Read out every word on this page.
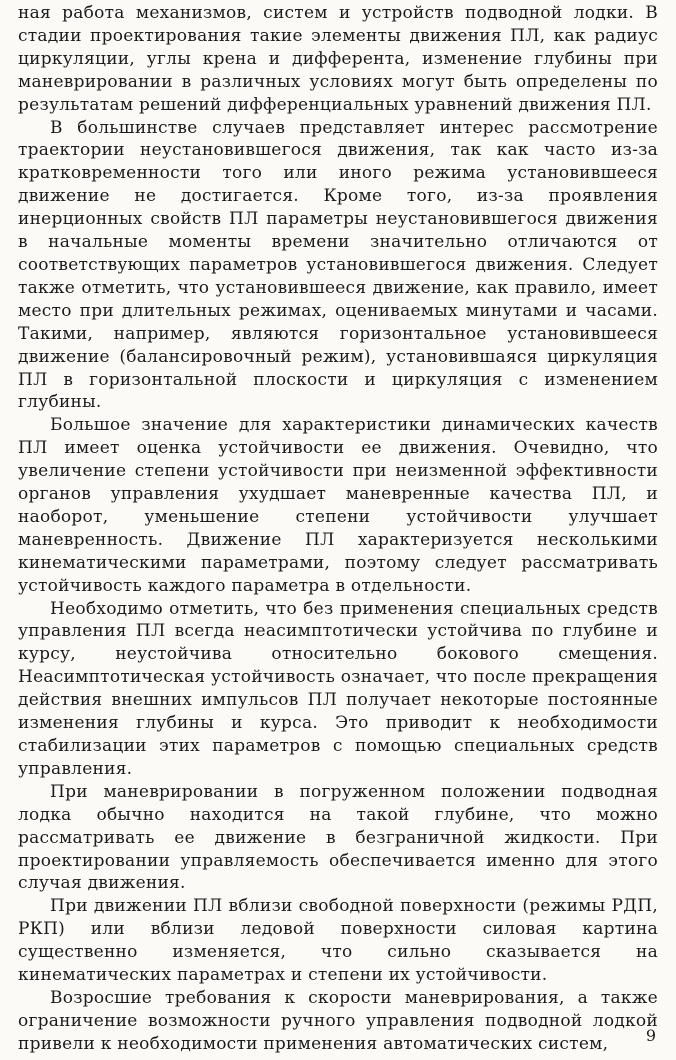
ная работа механизмов, систем и устройств подводной лодки. В стадии проектирования такие элементы движения ПЛ, как радиус циркуляции, углы крена и дифферента, изменение глубины при маневрировании в различных условиях могут быть определены по результатам решений дифференциальных уравнений движения ПЛ.

В большинстве случаев представляет интерес рассмотрение траектории неустановившегося движения, так как часто из-за кратковременности того или иного режима установившееся движение не достигается. Кроме того, из-за проявления инерционных свойств ПЛ параметры неустановившегося движения в начальные моменты времени значительно отличаются от соответствующих параметров установившегося движения. Следует также отметить, что установившееся движение, как правило, имеет место при длительных режимах, оцениваемых минутами и часами. Такими, например, являются горизонтальное установившееся движение (балансировочный режим), установившаяся циркуляция ПЛ в горизонтальной плоскости и циркуляция с изменением глубины.

Большое значение для характеристики динамических качеств ПЛ имеет оценка устойчивости ее движения. Очевидно, что увеличение степени устойчивости при неизменной эффективности органов управления ухудшает маневренные качества ПЛ, и наоборот, уменьшение степени устойчивости улучшает маневренность. Движение ПЛ характеризуется несколькими кинематическими параметрами, поэтому следует рассматривать устойчивость каждого параметра в отдельности.

Необходимо отметить, что без применения специальных средств управления ПЛ всегда неасимптотически устойчива по глубине и курсу, неустойчива относительно бокового смещения. Неасимптотическая устойчивость означает, что после прекращения действия внешних импульсов ПЛ получает некоторые постоянные изменения глубины и курса. Это приводит к необходимости стабилизации этих параметров с помощью специальных средств управления.

При маневрировании в погруженном положении подводная лодка обычно находится на такой глубине, что можно рассматривать ее движение в безграничной жидкости. При проектировании управляемость обеспечивается именно для этого случая движения.

При движении ПЛ вблизи свободной поверхности (режимы РДП, РКП) или вблизи ледовой поверхности силовая картина существенно изменяется, что сильно сказывается на кинематических параметрах и степени их устойчивости.

Возросшие требования к скорости маневрирования, а также ограничение возможности ручного управления подводной лодкой привели к необходимости применения автоматических систем,	9
